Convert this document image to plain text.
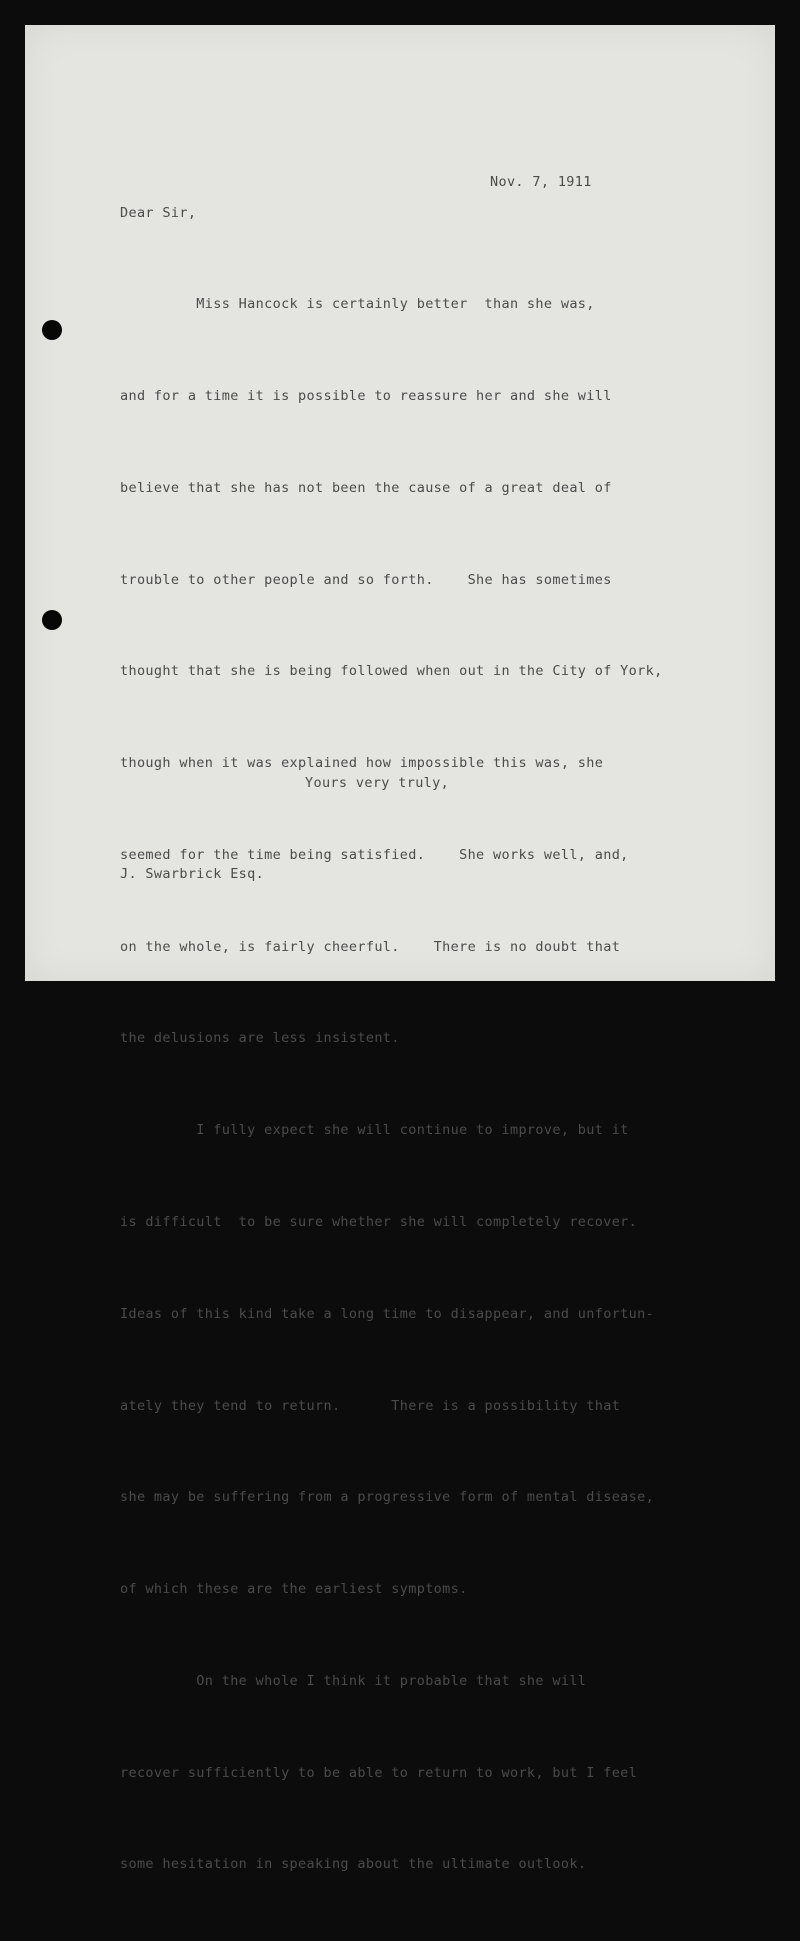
Nov. 7, 1911
Dear Sir,

Miss Hancock is certainly better  than she was,

and for a time it is possible to reassure her and she will

believe that she has not been the cause of a great deal of

trouble to other people and so forth.    She has sometimes

thought that she is being followed when out in the City of York,

though when it was explained how impossible this was, she

seemed for the time being satisfied.    She works well, and,

on the whole, is fairly cheerful.    There is no doubt that

the delusions are less insistent.

I fully expect she will continue to improve, but it

is difficult  to be sure whether she will completely recover.

Ideas of this kind take a long time to disappear, and unfortun-

ately they tend to return.      There is a possibility that

she may be suffering from a progressive form of mental disease,

of which these are the earliest symptoms.

On the whole I think it probable that she will

recover sufficiently to be able to return to work, but I feel

some hesitation in speaking about the ultimate outlook.

Yours very truly,
J. Swarbrick Esq.
